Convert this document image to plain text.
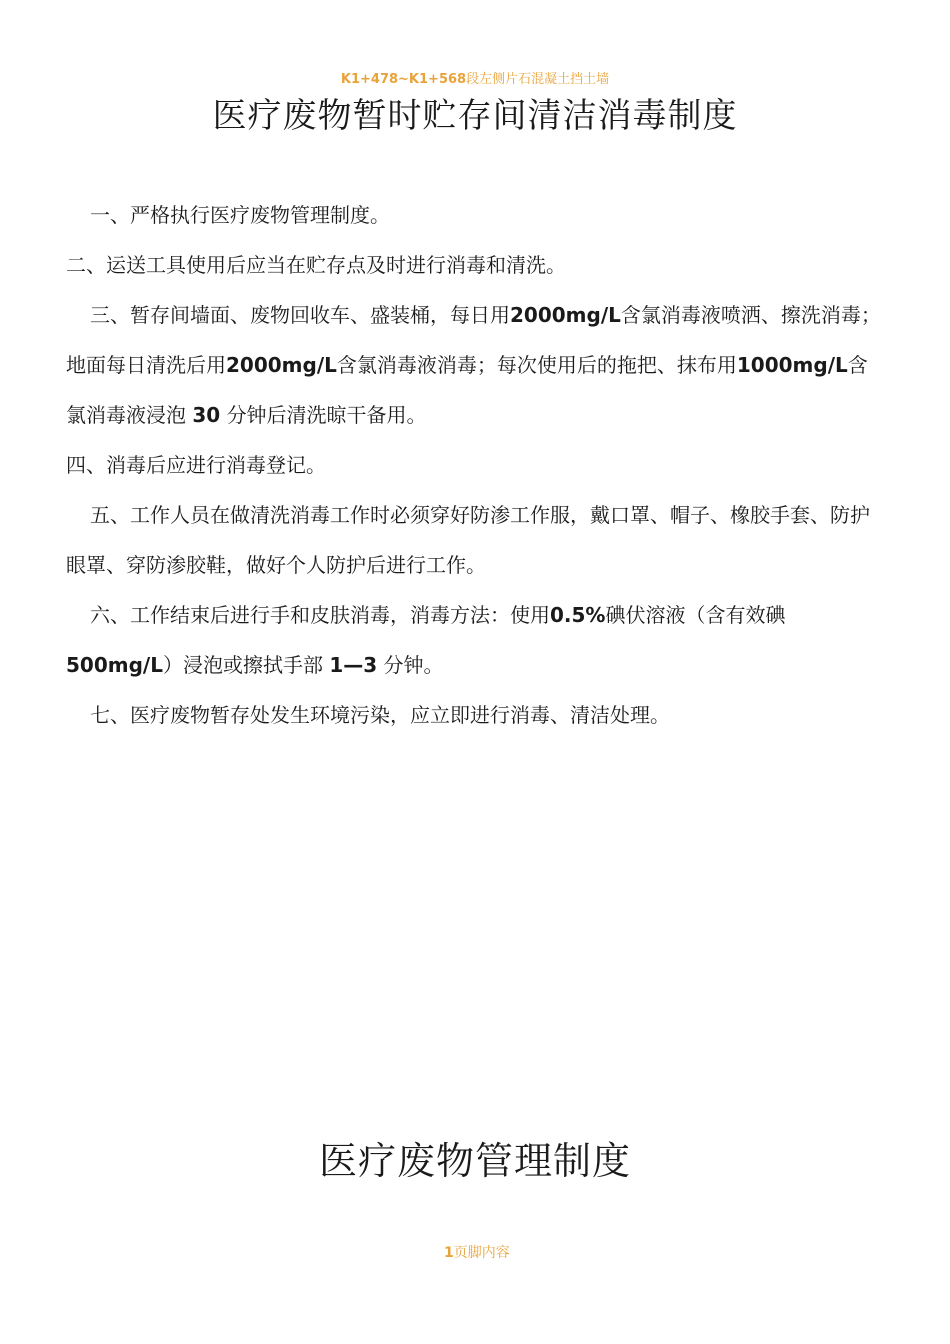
K1+478~K1+568段左侧片石混凝土挡土墙
医疗废物暂时贮存间清洁消毒制度

一、严格执行医疗废物管理制度。

二、运送工具使用后应当在贮存点及时进行消毒和清洗。

三、暂存间墙面、废物回收车、盛装桶，每日用2000mg/L含氯消毒液喷洒、擦洗消毒；地面每日清洗后用2000mg/L含氯消毒液消毒；每次使用后的拖把、抹布用1000mg/L含氯消毒液浸泡 30 分钟后清洗晾干备用。

四、消毒后应进行消毒登记。

五、工作人员在做清洗消毒工作时必须穿好防渗工作服，戴口罩、帽子、橡胶手套、防护眼罩、穿防渗胶鞋，做好个人防护后进行工作。

六、工作结束后进行手和皮肤消毒，消毒方法：使用0.5%碘伏溶液（含有效碘500mg/L）浸泡或擦拭手部 1—3 分钟。

七、医疗废物暂存处发生环境污染，应立即进行消毒、清洁处理。

医疗废物管理制度
1页脚内容
